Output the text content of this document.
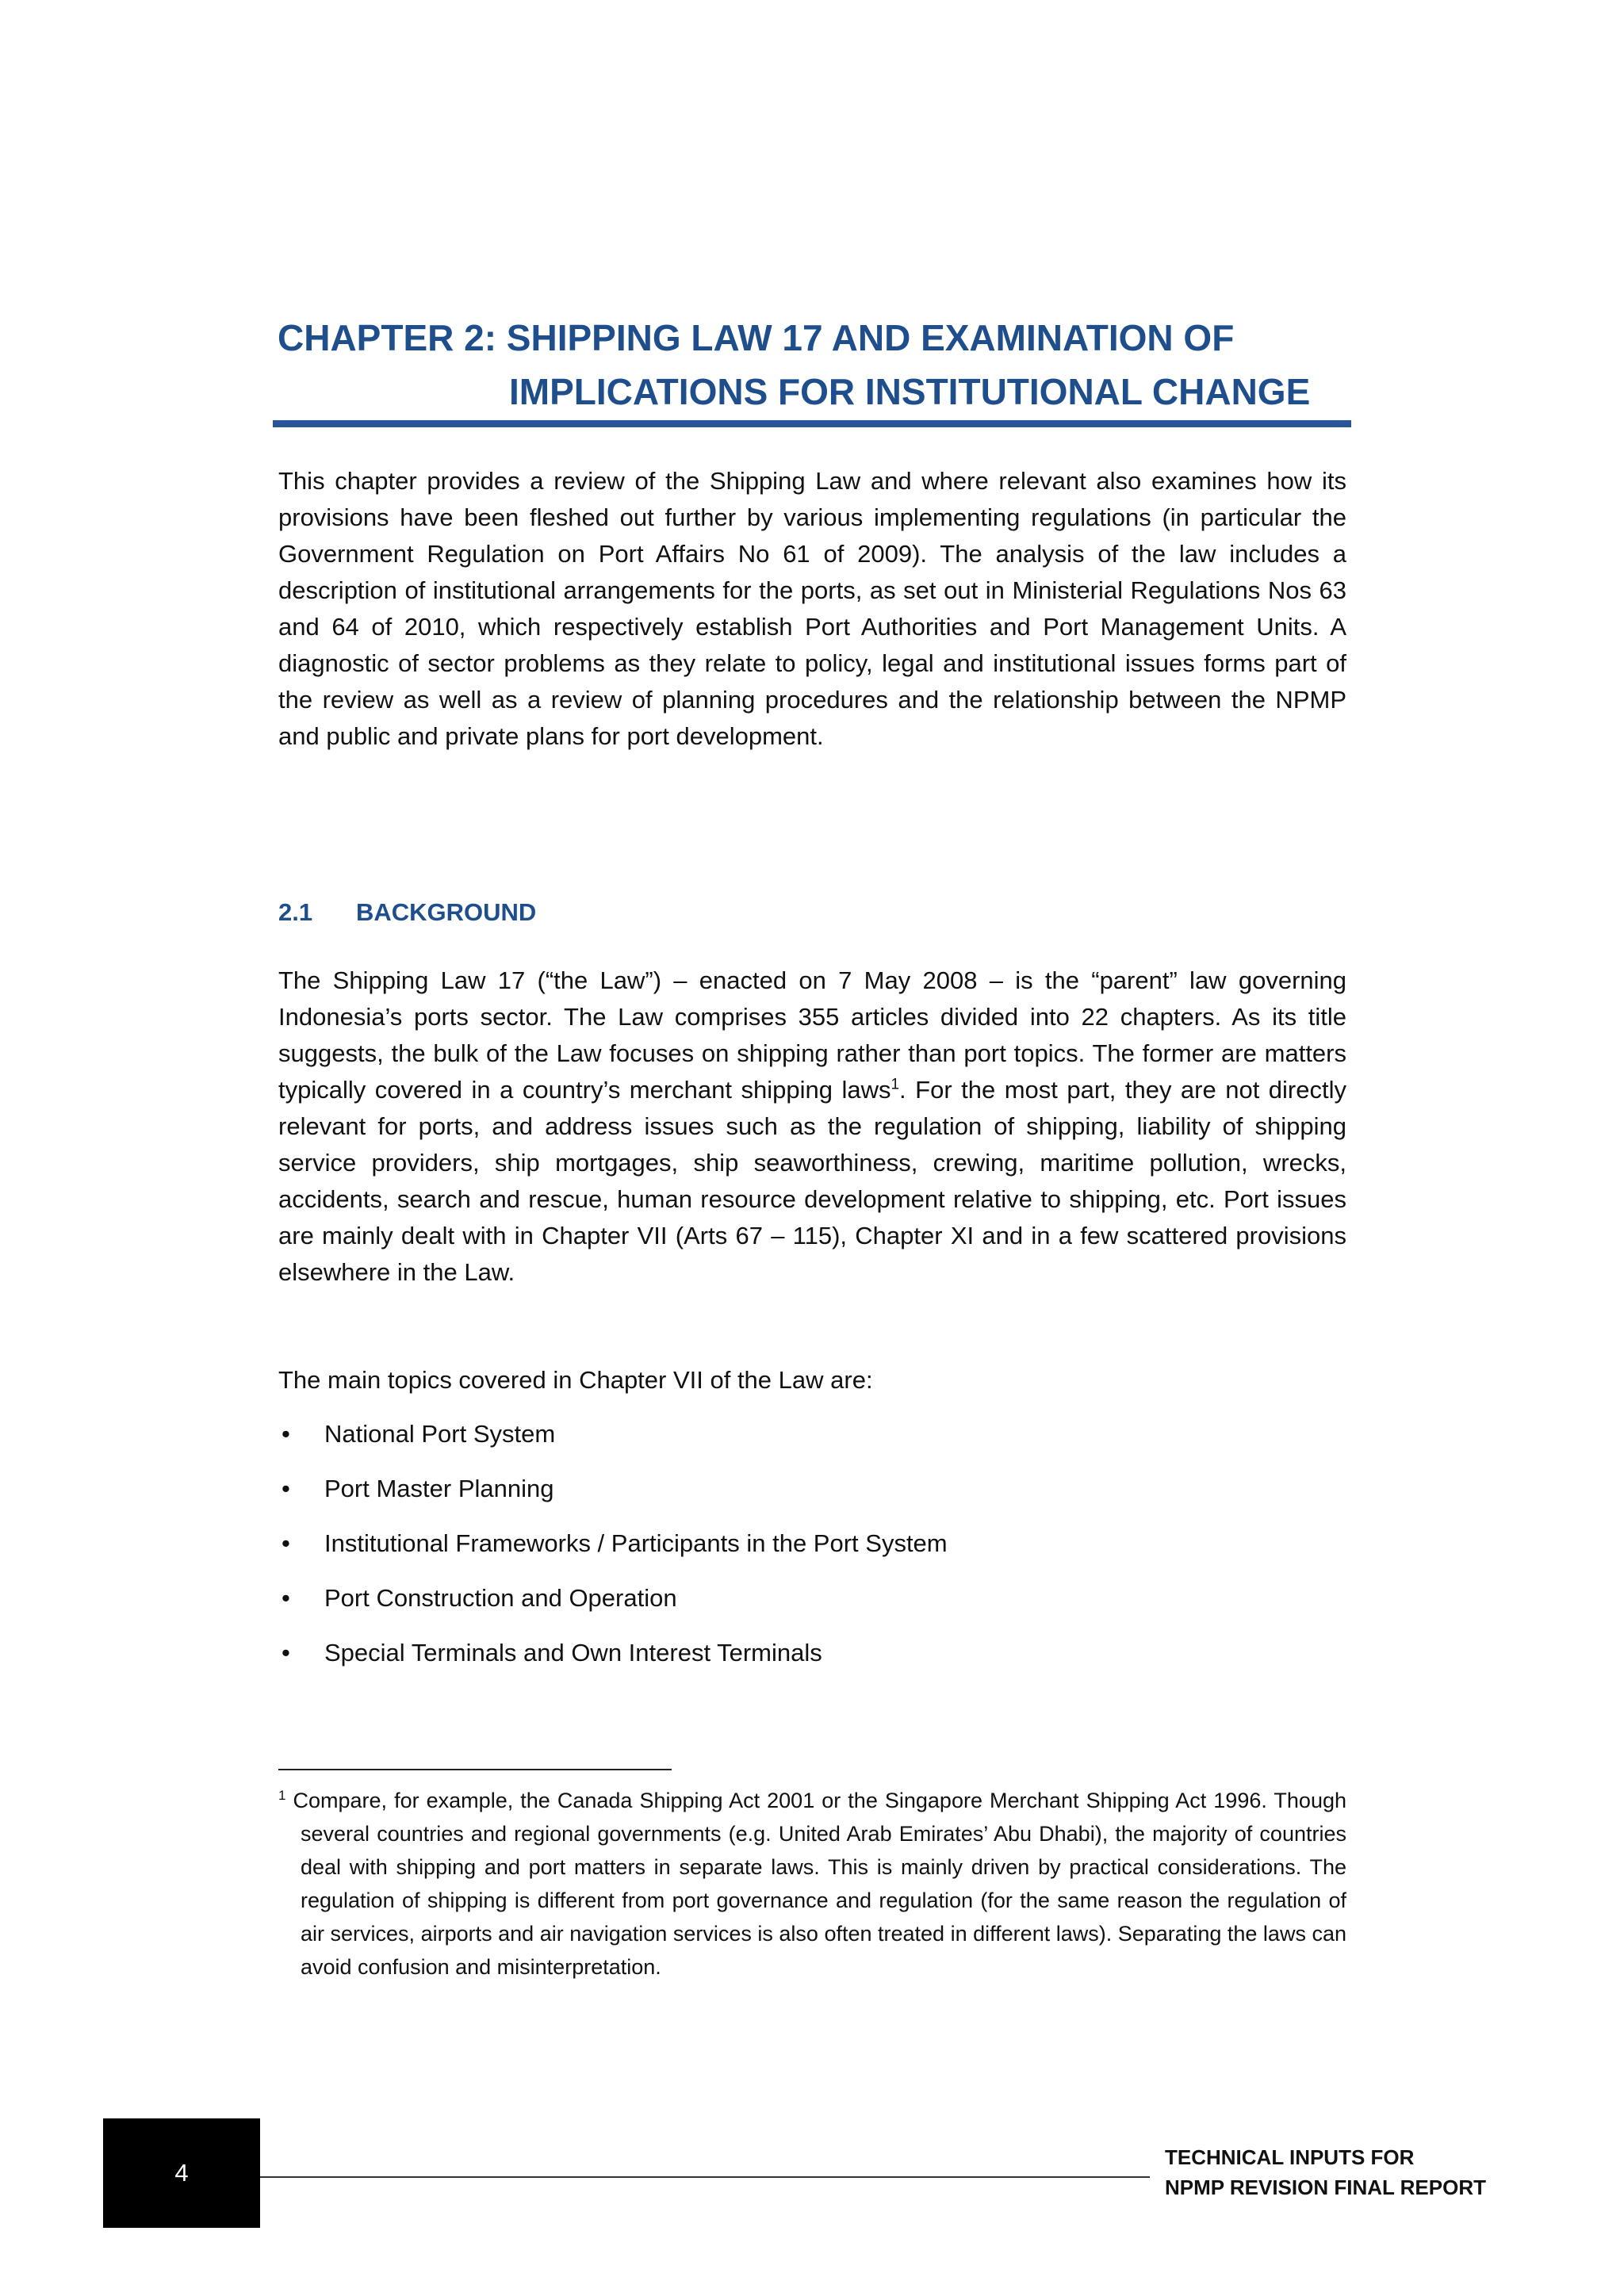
CHAPTER 2: SHIPPING LAW 17 AND EXAMINATION OF
IMPLICATIONS FOR INSTITUTIONAL CHANGE

This chapter provides a review of the Shipping Law and where relevant also examines how its provisions have been fleshed out further by various implementing regulations (in particular the Government Regulation on Port Affairs No 61 of 2009). The analysis of the law includes a description of institutional arrangements for the ports, as set out in Ministerial Regulations Nos 63 and 64 of 2010, which respectively establish Port Authorities and Port Management Units. A diagnostic of sector problems as they relate to policy, legal and institutional issues forms part of the review as well as a review of planning procedures and the relationship between the NPMP and public and private plans for port development.

2.1 BACKGROUND

The Shipping Law 17 (“the Law”) – enacted on 7 May 2008 – is the “parent” law governing Indonesia’s ports sector. The Law comprises 355 articles divided into 22 chapters. As its title suggests, the bulk of the Law focuses on shipping rather than port topics. The former are matters typically covered in a country’s merchant shipping laws$^1$. For the most part, they are not directly relevant for ports, and address issues such as the regulation of shipping, liability of shipping service providers, ship mortgages, ship seaworthiness, crewing, maritime pollution, wrecks, accidents, search and rescue, human resource development relative to shipping, etc. Port issues are mainly dealt with in Chapter VII (Arts 67 – 115), Chapter XI and in a few scattered provisions elsewhere in the Law.

The main topics covered in Chapter VII of the Law are:

• National Port System
• Port Master Planning
• Institutional Frameworks / Participants in the Port System
• Port Construction and Operation
• Special Terminals and Own Interest Terminals

$^1$ Compare, for example, the Canada Shipping Act 2001 or the Singapore Merchant Shipping Act 1996. Though several countries and regional governments (e.g. United Arab Emirates’ Abu Dhabi), the majority of countries deal with shipping and port matters in separate laws. This is mainly driven by practical considerations. The regulation of shipping is different from port governance and regulation (for the same reason the regulation of air services, airports and air navigation services is also often treated in different laws). Separating the laws can avoid confusion and misinterpretation.

4
TECHNICAL INPUTS FOR
NPMP REVISION FINAL REPORT
